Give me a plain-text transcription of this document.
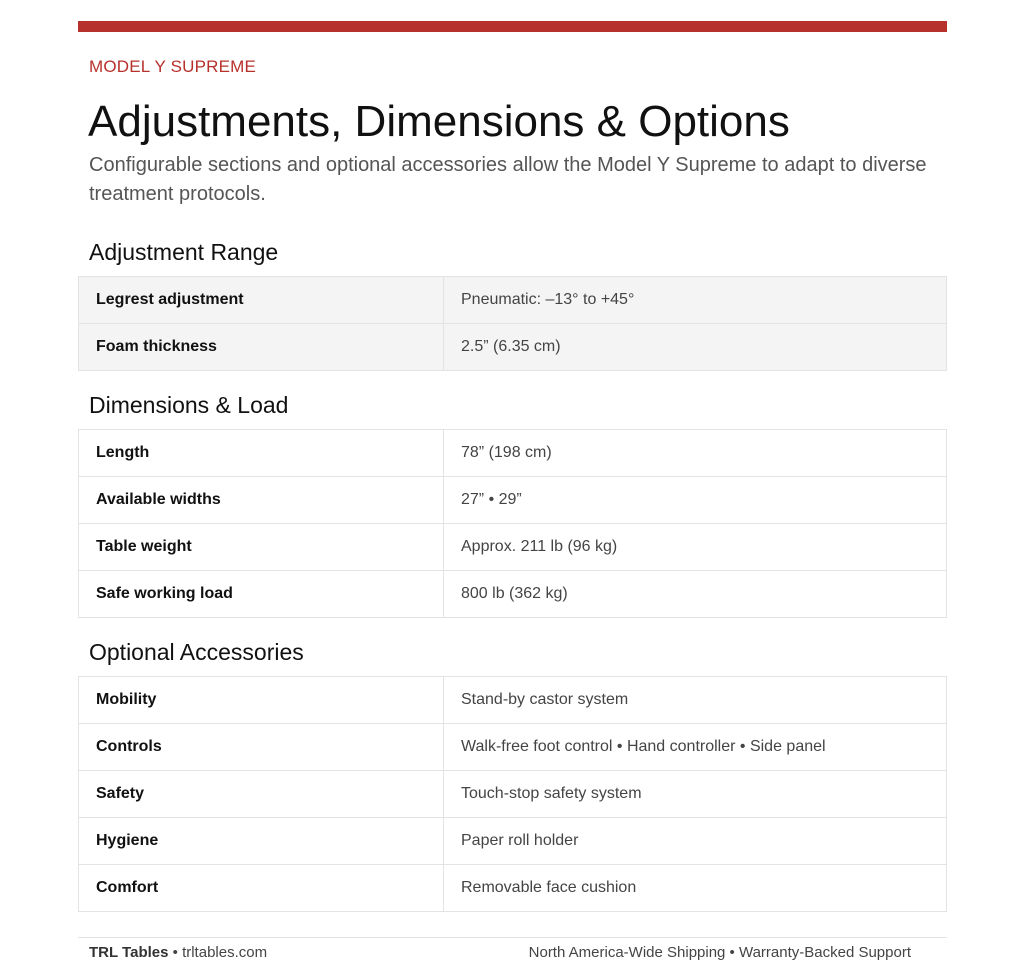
MODEL Y SUPREME
Adjustments, Dimensions & Options
Configurable sections and optional accessories allow the Model Y Supreme to adapt to diverse treatment protocols.
Adjustment Range
Legrest adjustment	Pneumatic: –13° to +45°
Foam thickness	2.5” (6.35 cm)
Dimensions & Load
Length	78” (198 cm)
Available widths	27” • 29”
Table weight	Approx. 211 lb (96 kg)
Safe working load	800 lb (362 kg)
Optional Accessories
Mobility	Stand-by castor system
Controls	Walk-free foot control • Hand controller • Side panel
Safety	Touch-stop safety system
Hygiene	Paper roll holder
Comfort	Removable face cushion
TRL Tables • trltables.com	North America-Wide Shipping • Warranty-Backed Support
